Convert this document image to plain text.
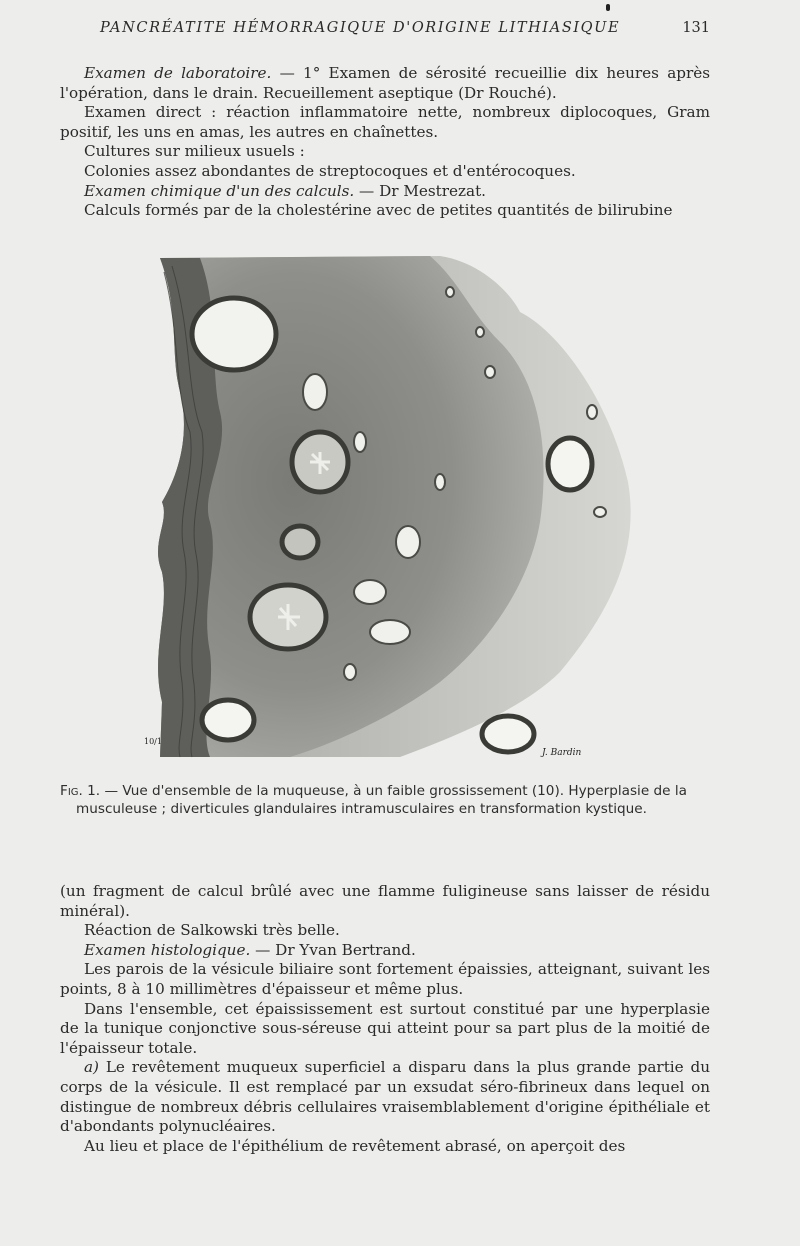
PANCRÉATITE HÉMORRAGIQUE D'ORIGINE LITHIASIQUE	131

Examen de laboratoire. — 1° Examen de sérosité recueillie dix heures après l'opération, dans le drain. Recueillement aseptique (Dr Rouché).

Examen direct : réaction inflammatoire nette, nombreux diplocoques, Gram positif, les uns en amas, les autres en chaînettes.

Cultures sur milieux usuels :

Colonies assez abondantes de streptocoques et d'entérocoques.

Examen chimique d'un des calculs. — Dr Mestrezat.

Calculs formés par de la cholestérine avec de petites quantités de bilirubine

10/1
J. Bardin

Fig. 1. — Vue d'ensemble de la muqueuse, à un faible grossissement (10). Hyperplasie de la musculeuse ; diverticules glandulaires intramusculaires en transformation kystique.

(un fragment de calcul brûlé avec une flamme fuligineuse sans laisser de résidu minéral).

Réaction de Salkowski très belle.

Examen histologique. — Dr Yvan Bertrand.

Les parois de la vésicule biliaire sont fortement épaissies, atteignant, suivant les points, 8 à 10 millimètres d'épaisseur et même plus.

Dans l'ensemble, cet épaississement est surtout constitué par une hyperplasie de la tunique conjonctive sous-séreuse qui atteint pour sa part plus de la moitié de l'épaisseur totale.

a) Le revêtement muqueux superficiel a disparu dans la plus grande partie du corps de la vésicule. Il est remplacé par un exsudat séro-fibrineux dans lequel on distingue de nombreux débris cellulaires vraisemblablement d'origine épithéliale et d'abondants polynucléaires.

Au lieu et place de l'épithélium de revêtement abrasé, on aperçoit des
